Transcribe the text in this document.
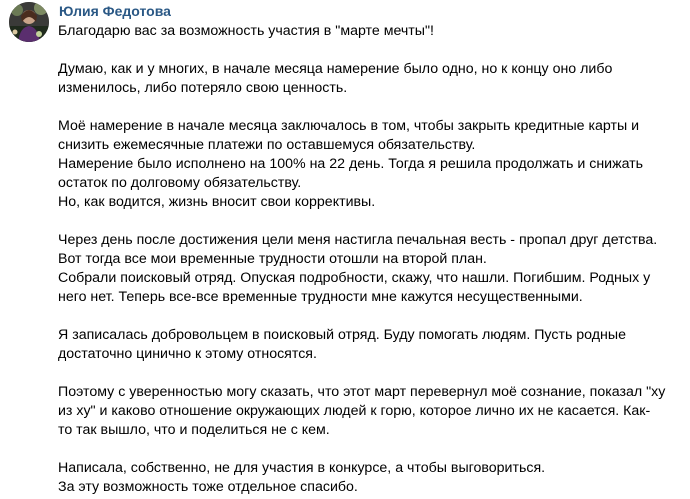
Юлия Федотова
Благодарю вас за возможность участия в "марте мечты"!
Думаю, как и у многих, в начале месяца намерение было одно, но к концу оно либо
изменилось, либо потеряло свою ценность.
Моё намерение в начале месяца заключалось в том, чтобы закрыть кредитные карты и
снизить ежемесячные платежи по оставшемуся обязательству.
Намерение было исполнено на 100% на 22 день. Тогда я решила продолжать и снижать
остаток по долговому обязательству.
Но, как водится, жизнь вносит свои коррективы.
Через день после достижения цели меня настигла печальная весть - пропал друг детства.
Вот тогда все мои временные трудности отошли на второй план.
Собрали поисковый отряд. Опуская подробности, скажу, что нашли. Погибшим. Родных у
него нет. Теперь все-все временные трудности мне кажутся несущественными.
Я записалась добровольцем в поисковый отряд. Буду помогать людям. Пусть родные
достаточно цинично к этому относятся.
Поэтому с уверенностью могу сказать, что этот март перевернул моё сознание, показал "ху
из ху" и каково отношение окружающих людей к горю, которое лично их не касается. Как-
то так вышло, что и поделиться не с кем.
Написала, собственно, не для участия в конкурсе, а чтобы выговориться.
За эту возможность тоже отдельное спасибо.
